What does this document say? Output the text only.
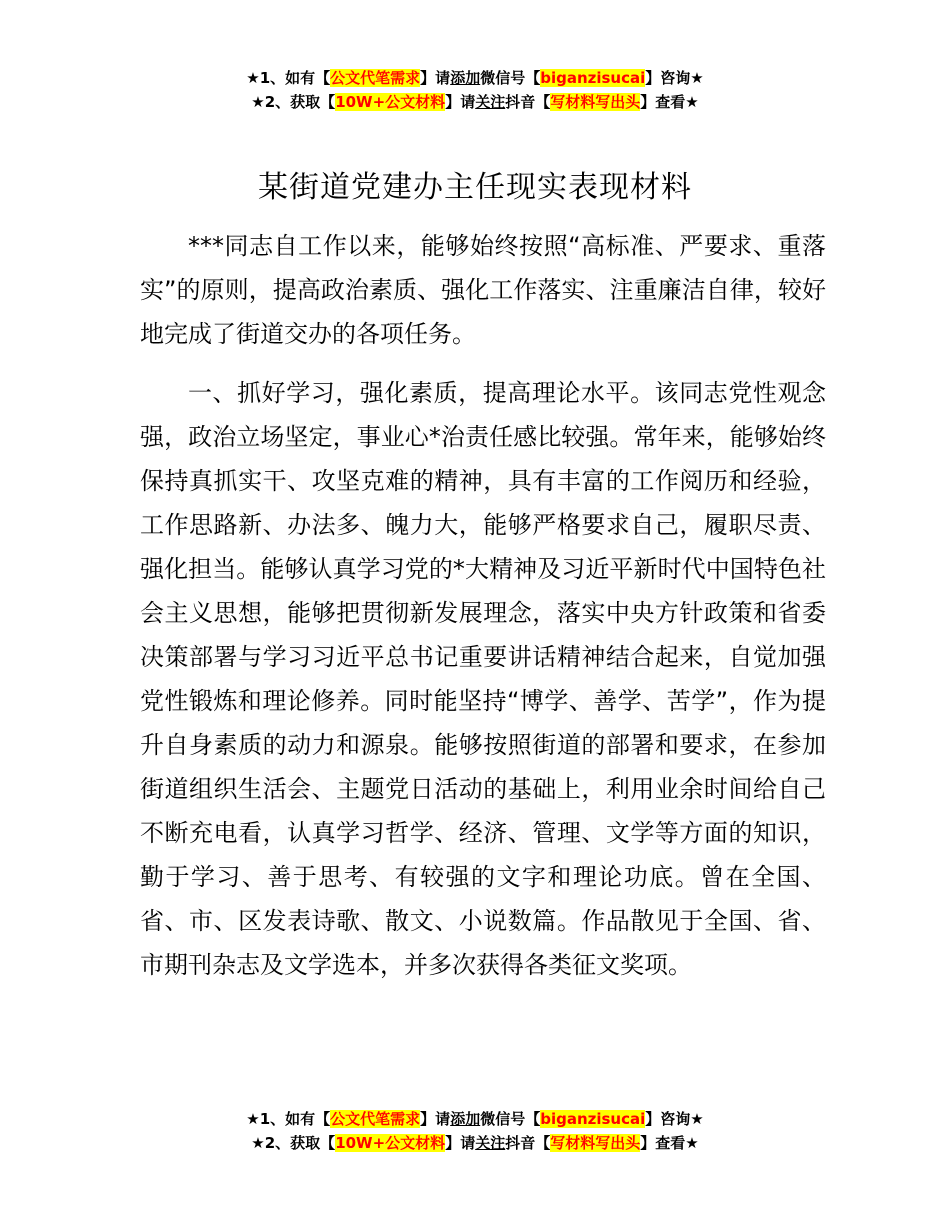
★1、如有【公文代笔需求】请添加微信号【biganzisucai】咨询★
★2、获取【10W+公文材料】请关注抖音【写材料写出头】查看★
某街道党建办主任现实表现材料

***同志自工作以来，能够始终按照“高标准、严要求、重落实”的原则，提高政治素质、强化工作落实、注重廉洁自律，较好地完成了街道交办的各项任务。

一、抓好学习，强化素质，提高理论水平。该同志党性观念强，政治立场坚定，事业心*治责任感比较强。常年来，能够始终保持真抓实干、攻坚克难的精神，具有丰富的工作阅历和经验，工作思路新、办法多、魄力大，能够严格要求自己，履职尽责、强化担当。能够认真学习党的*大精神及习近平新时代中国特色社会主义思想，能够把贯彻新发展理念，落实中央方针政策和省委决策部署与学习习近平总书记重要讲话精神结合起来，自觉加强党性锻炼和理论修养。同时能坚持“博学、善学、苦学”，作为提升自身素质的动力和源泉。能够按照街道的部署和要求，在参加街道组织生活会、主题党日活动的基础上，利用业余时间给自己不断充电看，认真学习哲学、经济、管理、文学等方面的知识，勤于学习、善于思考、有较强的文字和理论功底。曾在全国、省、市、区发表诗歌、散文、小说数篇。作品散见于全国、省、市期刊杂志及文学选本，并多次获得各类征文奖项。

★1、如有【公文代笔需求】请添加微信号【biganzisucai】咨询★
★2、获取【10W+公文材料】请关注抖音【写材料写出头】查看★
